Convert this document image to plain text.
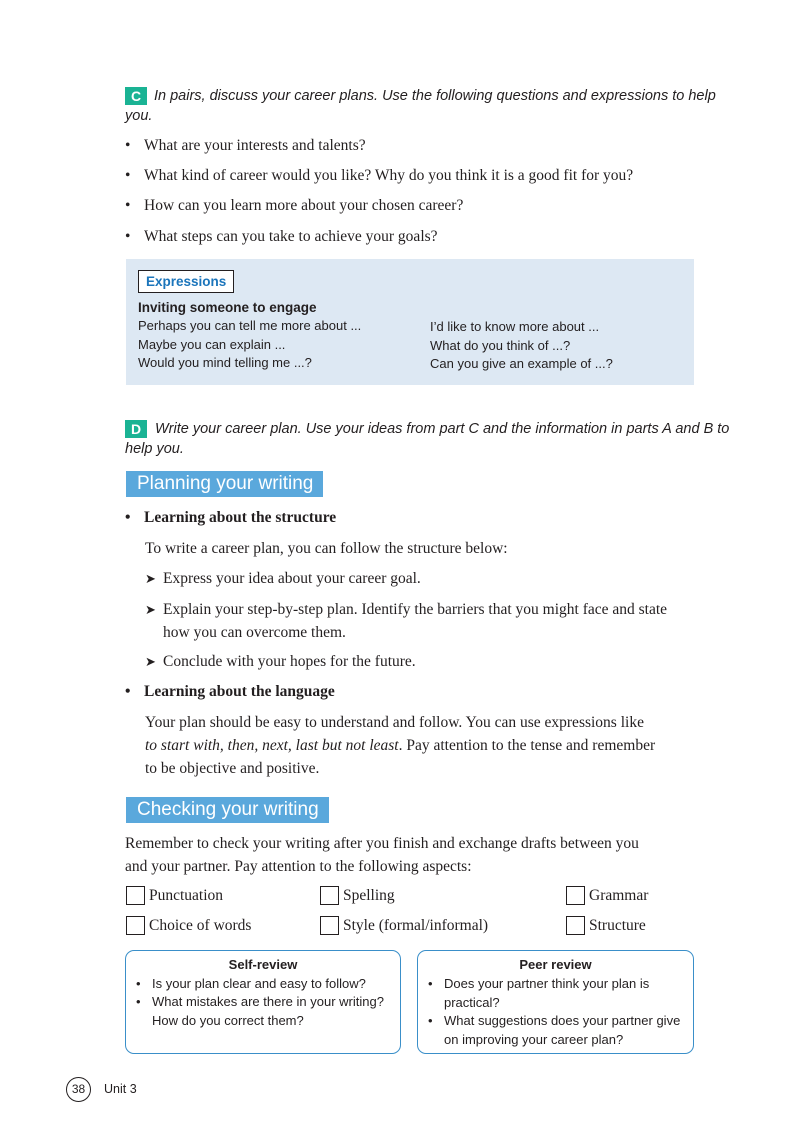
C In pairs, discuss your career plans. Use the following questions and expressions to help
you.
• What are your interests and talents?
• What kind of career would you like? Why do you think it is a good fit for you?
• How can you learn more about your chosen career?
• What steps can you take to achieve your goals?
Expressions
Inviting someone to engage
Perhaps you can tell me more about ...
Maybe you can explain ...
Would you mind telling me ...?
I’d like to know more about ...
What do you think of ...?
Can you give an example of ...?
D Write your career plan. Use your ideas from part C and the information in parts A and B to
help you.
Planning your writing
• Learning about the structure
To write a career plan, you can follow the structure below:
➤ Express your idea about your career goal.
➤ Explain your step-by-step plan. Identify the barriers that you might face and state how you can overcome them.
➤ Conclude with your hopes for the future.
• Learning about the language
Your plan should be easy to understand and follow. You can use expressions like
to start with, then, next, last but not least. Pay attention to the tense and remember
to be objective and positive.
Checking your writing
Remember to check your writing after you finish and exchange drafts between you
and your partner. Pay attention to the following aspects:
Punctuation	Spelling	Grammar
Choice of words	Style (formal/informal)	Structure
Self-review
• Is your plan clear and easy to follow?
• What mistakes are there in your writing? How do you correct them?
Peer review
• Does your partner think your plan is practical?
• What suggestions does your partner give on improving your career plan?
38	Unit 3
